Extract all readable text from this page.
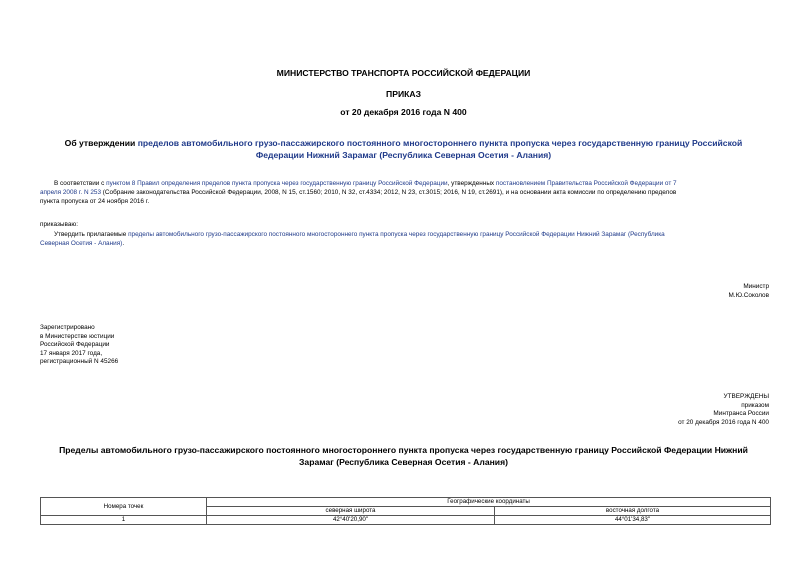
МИНИСТЕРСТВО ТРАНСПОРТА РОССИЙСКОЙ ФЕДЕРАЦИИ
ПРИКАЗ
от 20 декабря 2016 года N 400
Об утверждении пределов автомобильного грузо-пассажирского постоянного многостороннего пункта пропуска через государственную границу Российской
Федерации Нижний Зарамаг (Республика Северная Осетия - Алания)
В соответствии с пунктом 8 Правил определения пределов пункта пропуска через государственную границу Российской Федерации, утвержденных постановлением Правительства Российской Федерации от 7
апреля 2008 г. N 253 (Собрание законодательства Российской Федерации, 2008, N 15, ст.1560; 2010, N 32, ст.4334; 2012, N 23, ст.3015; 2016, N 19, ст.2691), и на основании акта комиссии по определению пределов
пункта пропуска от 24 ноября 2016 г.
приказываю:
Утвердить прилагаемые пределы автомобильного грузо-пассажирского постоянного многостороннего пункта пропуска через государственную границу Российской Федерации Нижний Зарамаг (Республика
Северная Осетия - Алания).
Министр
М.Ю.Соколов
Зарегистрировано
в Министерстве юстиции
Российской Федерации
17 января 2017 года,
регистрационный N 45266
УТВЕРЖДЕНЫ
приказом
Минтранса России
от 20 декабря 2016 года N 400
Пределы автомобильного грузо-пассажирского постоянного многостороннего пункта пропуска через государственную границу Российской Федерации Нижний
Зарамаг (Республика Северная Осетия - Алания)
Номера точек	Географические координаты	
	северная широта	восточная долгота
1	42°40'20,90"	44°01'34,83"
